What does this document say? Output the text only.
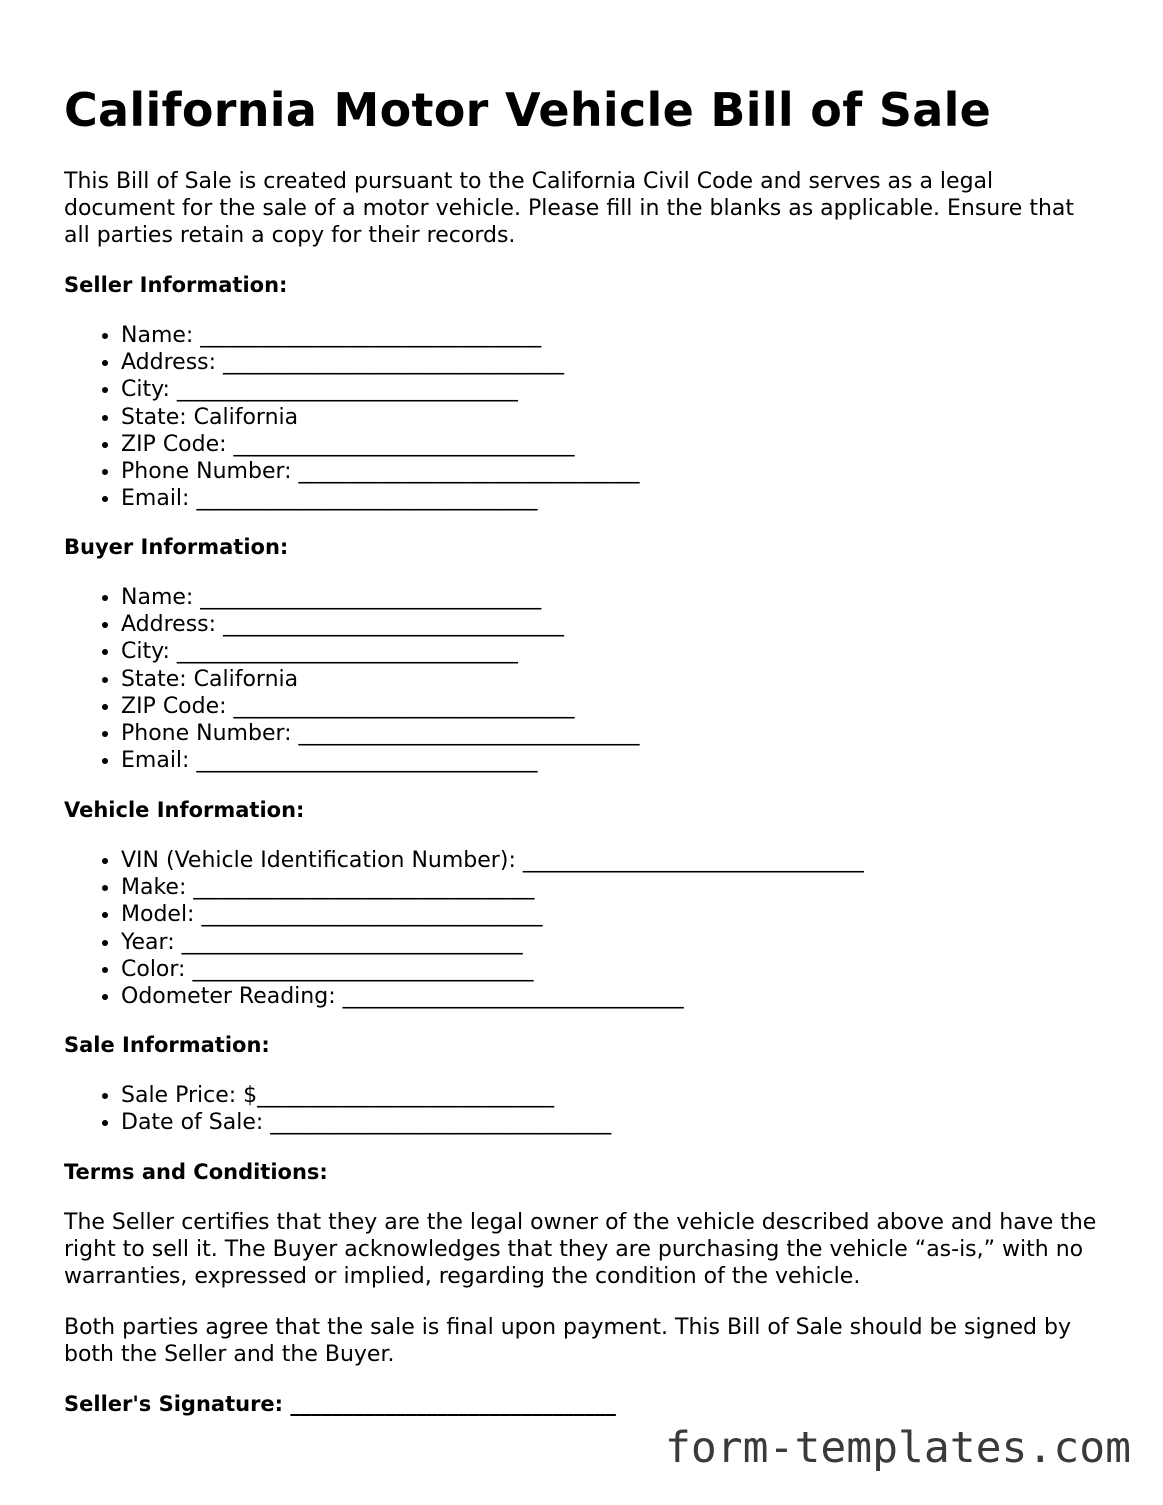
California Motor Vehicle Bill of Sale

This Bill of Sale is created pursuant to the California Civil Code and serves as a legal document for the sale of a motor vehicle. Please fill in the blanks as applicable. Ensure that all parties retain a copy for their records.

Seller Information:

• Name: _______________________________
• Address: _______________________________
• City: _______________________________
• State: California
• ZIP Code: _______________________________
• Phone Number: _______________________________
• Email: _______________________________

Buyer Information:

• Name: _______________________________
• Address: _______________________________
• City: _______________________________
• State: California
• ZIP Code: _______________________________
• Phone Number: _______________________________
• Email: _______________________________

Vehicle Information:

• VIN (Vehicle Identification Number): _______________________________
• Make: _______________________________
• Model: _______________________________
• Year: _______________________________
• Color: _______________________________
• Odometer Reading: _______________________________

Sale Information:

• Sale Price: $___________________________
• Date of Sale: _______________________________

Terms and Conditions:

The Seller certifies that they are the legal owner of the vehicle described above and have the right to sell it. The Buyer acknowledges that they are purchasing the vehicle “as-is,” with no warranties, expressed or implied, regarding the condition of the vehicle.

Both parties agree that the sale is final upon payment. This Bill of Sale should be signed by both the Seller and the Buyer.

Seller's Signature: _______________________________
form-templates.com
